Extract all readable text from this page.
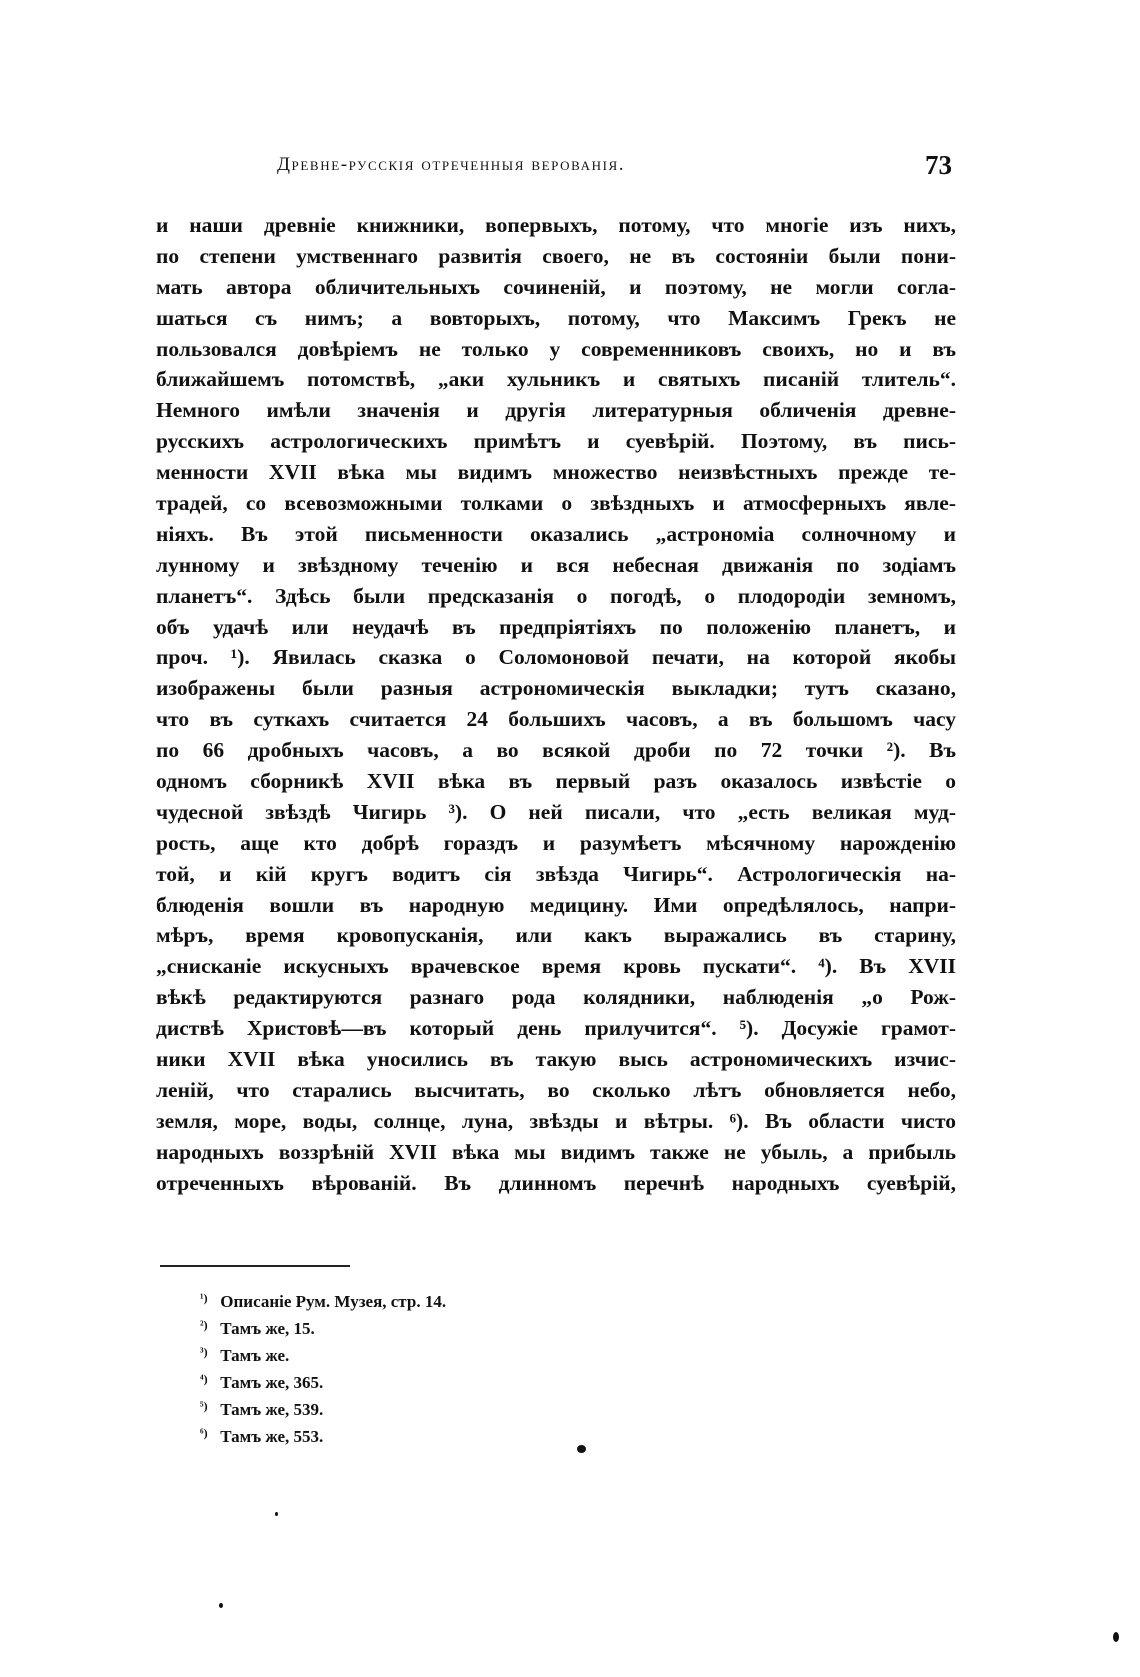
Древне-русскія отреченныя верованія.	73
и наши древніе книжники, вопервыхъ, потому, что многіе изъ нихъ,
по степени умственнаго развитія своего, не въ состояніи были пони-
мать автора обличительныхъ сочиненій, и поэтому, не могли согла-
шаться съ нимъ; а вовторыхъ, потому, что Максимъ Грекъ не
пользовался довѣріемъ не только у современниковъ своихъ, но и въ
ближайшемъ потомствѣ, „аки хульникъ и святыхъ писаній тлитель“.
Немного имѣли значенія и другія литературныя обличенія древне-
русскихъ астрологическихъ примѣтъ и суевѣрій. Поэтому, въ пись-
менности XVII вѣка мы видимъ множество неизвѣстныхъ прежде те-
традей, со всевозможными толками о звѣздныхъ и атмосферныхъ явле-
ніяхъ. Въ этой письменности оказались „астрономіа солночному и
лунному и звѣздному теченію и вся небесная движанія по зодіамъ
планетъ“. Здѣсь были предсказанія о погодѣ, о плодородіи земномъ,
объ удачѣ или неудачѣ въ предпріятіяхъ по положенію планетъ, и
проч. ¹). Явилась сказка о Соломоновой печати, на которой якобы
изображены были разныя астрономическія выкладки; тутъ сказано,
что въ суткахъ считается 24 большихъ часовъ, а въ большомъ часу
по 66 дробныхъ часовъ, а во всякой дроби по 72 точки ²). Въ
одномъ сборникѣ XVII вѣка въ первый разъ оказалось извѣстіе о
чудесной звѣздѣ Чигирь ³). О ней писали, что „есть великая муд-
рость, аще кто добрѣ гораздъ и разумѣетъ мѣсячному нарожденію
той, и кій кругъ водитъ сія звѣзда Чигирь“. Астрологическія на-
блюденія вошли въ народную медицину. Ими опредѣлялось, напри-
мѣръ, время кровопусканія, или какъ выражались въ старину,
„снисканіе искусныхъ врачевское время кровь пускати“. ⁴). Въ XVII
вѣкѣ редактируются разнаго рода колядники, наблюденія „о Рож-
диствѣ Христовѣ—въ который день прилучится“. ⁵). Досужіе грамот-
ники XVII вѣка уносились въ такую высь астрономическихъ изчис-
леній, что старались высчитать, во сколько лѣтъ обновляется небо,
земля, море, воды, солнце, луна, звѣзды и вѣтры. ⁶). Въ области чисто
народныхъ воззрѣній XVII вѣка мы видимъ также не убыль, а прибыль
отреченныхъ вѣрованій. Въ длинномъ перечнѣ народныхъ суевѣрій,
¹) Описаніе Рум. Музея, стр. 14.
²) Тамъ же, 15.
³) Тамъ же.
⁴) Тамъ же, 365.
⁵) Тамъ же, 539.
⁶) Тамъ же, 553.
